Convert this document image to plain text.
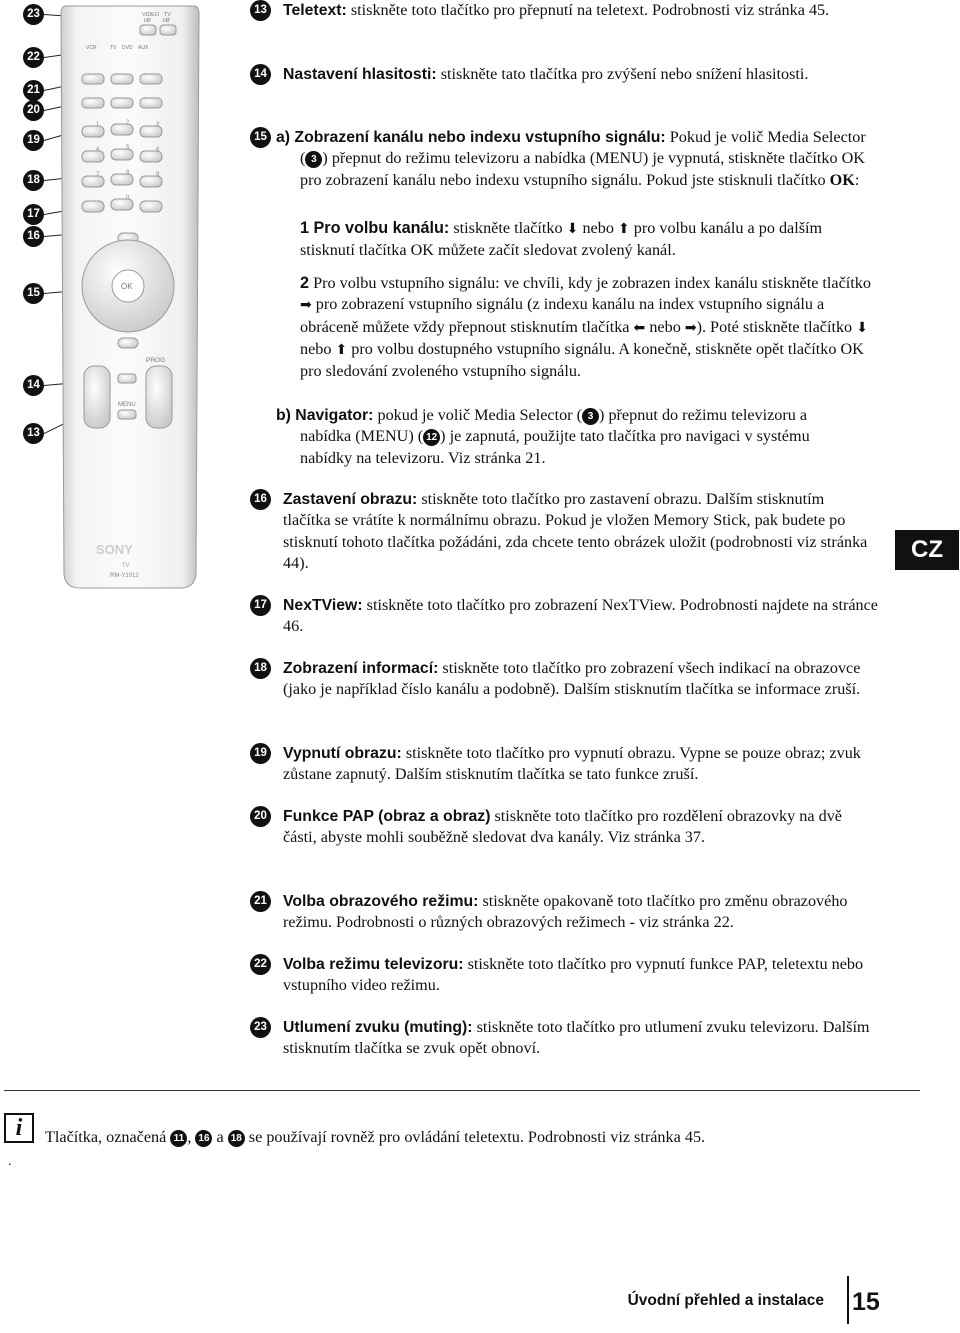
23
22
21
20
19
18
17
16
15
14
13
VIDEO
I/Ø
TV
I/Ø
VCR	TV DVD AUX
1	2	3
4	5	6
7	8	9
0
OK
PROG
MENU
SONY
TV
RM-Y1012
13 Teletext: stiskněte toto tlačítko pro přepnutí na teletext. Podrobnosti viz stránka 45.
14 Nastavení hlasitosti: stiskněte tato tlačítka pro zvýšení nebo snížení hlasitosti.
15 a) Zobrazení kanálu nebo indexu vstupního signálu: Pokud je volič Media Selector ( 3 ) přepnut do režimu televizoru a nabídka (MENU) je vypnutá, stiskněte tlačítko OK pro zobrazení kanálu nebo indexu vstupního signálu. Pokud jste stisknuli tlačítko OK:
1 Pro volbu kanálu: stiskněte tlačítko ⬇ nebo ⬆ pro volbu kanálu a po dalším stisknutí tlačítka OK můžete začít sledovat zvolený kanál.
2 Pro volbu vstupního signálu: ve chvíli, kdy je zobrazen index kanálu stiskněte tlačítko ➡ pro zobrazení vstupního signálu (z indexu kanálu na index vstupního signálu a obráceně můžete vždy přepnout stisknutím tlačítka ⬅ nebo ➡). Poté stiskněte tlačítko ⬇ nebo ⬆ pro volbu dostupného vstupního signálu. A konečně, stiskněte opět tlačítko OK pro sledování zvoleného vstupního signálu.
b) Navigator: pokud je volič Media Selector ( 3 ) přepnut do režimu televizoru a nabídka (MENU) ( 12 ) je zapnutá, použijte tato tlačítka pro navigaci v systému nabídky na televizoru. Viz stránka 21.
16 Zastavení obrazu: stiskněte toto tlačítko pro zastavení obrazu. Dalším stisknutím tlačítka se vrátíte k normálnímu obrazu. Pokud je vložen Memory Stick, pak budete po stisknutí tohoto tlačítka požádáni, zda chcete tento obrázek uložit (podrobnosti viz stránka 44).
17 NexTView: stiskněte toto tlačítko pro zobrazení NexTView. Podrobnosti najdete na stránce 46.
18 Zobrazení informací: stiskněte toto tlačítko pro zobrazení všech indikací na obrazovce (jako je například číslo kanálu a podobně). Dalším stisknutím tlačítka se informace zruší.
19 Vypnutí obrazu: stiskněte toto tlačítko pro vypnutí obrazu. Vypne se pouze obraz; zvuk zůstane zapnutý. Dalším stisknutím tlačítka se tato funkce zruší.
20 Funkce PAP (obraz a obraz) stiskněte toto tlačítko pro rozdělení obrazovky na dvě části, abyste mohli souběžně sledovat dva kanály. Viz stránka 37.
21 Volba obrazového režimu: stiskněte opakovaně toto tlačítko pro změnu obrazového režimu. Podrobnosti o různých obrazových režimech - viz stránka 22.
22 Volba režimu televizoru: stiskněte toto tlačítko pro vypnutí funkce PAP, teletextu nebo vstupního video režimu.
23 Utlumení zvuku (muting): stiskněte toto tlačítko pro utlumení zvuku televizoru. Dalším stisknutím tlačítka se zvuk opět obnoví.
CZ
i	Tlačítka, označená 11 , 16 a 18 se používají rovněž pro ovládání teletextu. Podrobnosti viz stránka 45.
.
Úvodní přehled a instalace 15
